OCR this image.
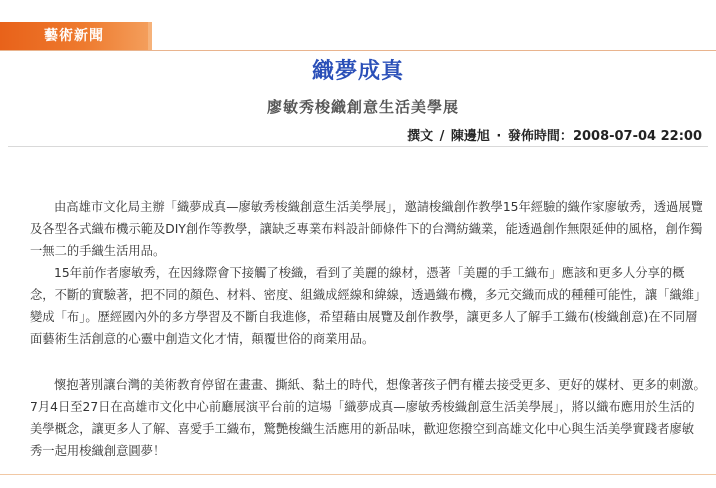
藝術新聞
織夢成真
廖敏秀梭織創意生活美學展
撰文 / 陳邊旭 · 發佈時間：2008-07-04 22:00

由高雄市文化局主辦「織夢成真—廖敏秀梭織創意生活美學展」，邀請梭織創作教學15年經驗的織作家廖敏秀，透過展覽及各型各式織布機示範及DIY創作等教學，讓缺乏專業布料設計師條件下的台灣紡織業，能透過創作無限延伸的風格，創作獨一無二的手織生活用品。

15年前作者廖敏秀，在因緣際會下接觸了梭織，看到了美麗的線材，憑著「美麗的手工織布」應該和更多人分享的概念，不斷的實驗著，把不同的顏色、材料、密度、組織成經線和緯線，透過織布機，多元交織而成的種種可能性，讓「織維」變成「布」。歷經國內外的多方學習及不斷自我進修，希望藉由展覽及創作教學，讓更多人了解手工織布(梭織創意)在不同層面藝術生活創意的心靈中創造文化才情，顛覆世俗的商業用品。

懷抱著別讓台灣的美術教育停留在畫畫、撕紙、黏土的時代，想像著孩子們有權去接受更多、更好的媒材、更多的刺激。7月4日至27日在高雄市文化中心前廳展演平台前的這場「織夢成真—廖敏秀梭織創意生活美學展」，將以織布應用於生活的美學概念，讓更多人了解、喜愛手工織布，驚艷梭織生活應用的新品味，歡迎您撥空到高雄文化中心與生活美學實踐者廖敏秀一起用梭織創意圓夢！
